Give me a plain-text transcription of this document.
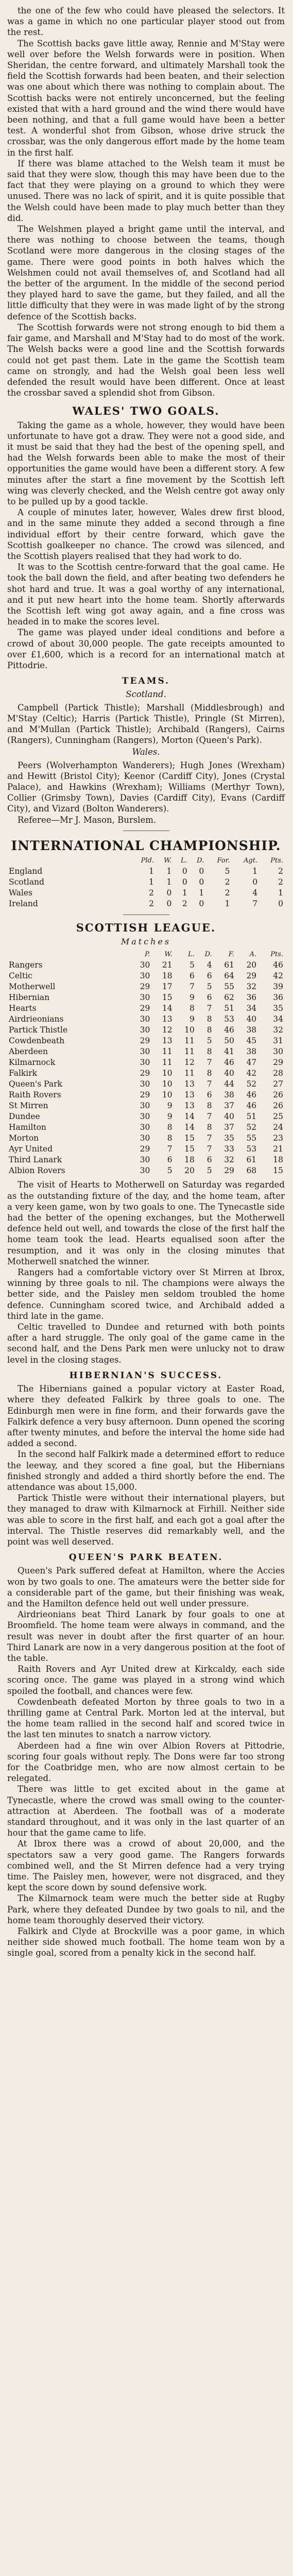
the one of the few who could have pleased the selectors. It was a game in which no one particular player stood out from the rest.

The Scottish backs gave little away, Rennie and M'Stay were well over before the Welsh forwards were in position. When Sheridan, the centre forward, and ultimately Marshall took the field the Scottish forwards had been beaten, and their selection was one about which there was nothing to complain about. The Scottish backs were not entirely unconcerned, but the feeling existed that with a hard ground and the wind there would have been nothing, and that a full game would have been a better test. A wonderful shot from Gibson, whose drive struck the crossbar, was the only dangerous effort made by the home team in the first half.

If there was blame attached to the Welsh team it must be said that they were slow, though this may have been due to the fact that they were playing on a ground to which they were unused. There was no lack of spirit, and it is quite possible that the Welsh could have been made to play much better than they did.

The Welshmen played a bright game until the interval, and there was nothing to choose between the teams, though Scotland were more dangerous in the closing stages of the game. There were good points in both halves which the Welshmen could not avail themselves of, and Scotland had all the better of the argument. In the middle of the second period they played hard to save the game, but they failed, and all the little difficulty that they were in was made light of by the strong defence of the Scottish backs.

The Scottish forwards were not strong enough to bid them a fair game, and Marshall and M'Stay had to do most of the work. The Welsh backs were a good line and the Scottish forwards could not get past them. Late in the game the Scottish team came on strongly, and had the Welsh goal been less well defended the result would have been different. Once at least the crossbar saved a splendid shot from Gibson.

WALES' TWO GOALS.

Taking the game as a whole, however, they would have been unfortunate to have got a draw. They were not a good side, and it must be said that they had the best of the opening spell, and had the Welsh forwards been able to make the most of their opportunities the game would have been a different story. A few minutes after the start a fine movement by the Scottish left wing was cleverly checked, and the Welsh centre got away only to be pulled up by a good tackle.

A couple of minutes later, however, Wales drew first blood, and in the same minute they added a second through a fine individual effort by their centre forward, which gave the Scottish goalkeeper no chance. The crowd was silenced, and the Scottish players realised that they had work to do.

It was to the Scottish centre-forward that the goal came. He took the ball down the field, and after beating two defenders he shot hard and true. It was a goal worthy of any international, and it put new heart into the home team. Shortly afterwards the Scottish left wing got away again, and a fine cross was headed in to make the scores level.

The game was played under ideal conditions and before a crowd of about 30,000 people. The gate receipts amounted to over £1,600, which is a record for an international match at Pittodrie.

TEAMS.
Scotland.

Campbell (Partick Thistle); Marshall (Middlesbrough) and M'Stay (Celtic); Harris (Partick Thistle), Pringle (St Mirren), and M'Mullan (Partick Thistle); Archibald (Rangers), Cairns (Rangers), Cunningham (Rangers), Morton (Queen's Park).

Wales.

Peers (Wolverhampton Wanderers); Hugh Jones (Wrexham) and Hewitt (Bristol City); Keenor (Cardiff City), Jones (Crystal Palace), and Hawkins (Wrexham); Williams (Merthyr Town), Collier (Grimsby Town), Davies (Cardiff City), Evans (Cardiff City), and Vizard (Bolton Wanderers).

Referee—Mr J. Mason, Burslem.

INTERNATIONAL CHAMPIONSHIP.
	Pld.	W.	L.	D.	For.	Agt.	Pts.
England	1	1	0	0	5	1	2
Scotland	1	1	0	0	2	0	2
Wales	2	0	1	1	2	4	1
Ireland	2	0	2	0	1	7	0
SCOTTISH LEAGUE.
Matches
	P.	W.	L.	D.	F.	A.	Pts.
Rangers	30	21	5	4	61	20	46
Celtic	30	18	6	6	64	29	42
Motherwell	29	17	7	5	55	32	39
Hibernian	30	15	9	6	62	36	36
Hearts	29	14	8	7	51	34	35
Airdrieonians	30	13	9	8	53	40	34
Partick Thistle	30	12	10	8	46	38	32
Cowdenbeath	29	13	11	5	50	45	31
Aberdeen	30	11	11	8	41	38	30
Kilmarnock	30	11	12	7	46	47	29
Falkirk	29	10	11	8	40	42	28
Queen's Park	30	10	13	7	44	52	27
Raith Rovers	29	10	13	6	38	46	26
St Mirren	30	9	13	8	37	46	26
Dundee	30	9	14	7	40	51	25
Hamilton	30	8	14	8	37	52	24
Morton	30	8	15	7	35	55	23
Ayr United	29	7	15	7	33	53	21
Third Lanark	30	6	18	6	32	61	18
Albion Rovers	30	5	20	5	29	68	15

The visit of Hearts to Motherwell on Saturday was regarded as the outstanding fixture of the day, and the home team, after a very keen game, won by two goals to one. The Tynecastle side had the better of the opening exchanges, but the Motherwell defence held out well, and towards the close of the first half the home team took the lead. Hearts equalised soon after the resumption, and it was only in the closing minutes that Motherwell snatched the winner.

Rangers had a comfortable victory over St Mirren at Ibrox, winning by three goals to nil. The champions were always the better side, and the Paisley men seldom troubled the home defence. Cunningham scored twice, and Archibald added a third late in the game.

Celtic travelled to Dundee and returned with both points after a hard struggle. The only goal of the game came in the second half, and the Dens Park men were unlucky not to draw level in the closing stages.

HIBERNIAN'S SUCCESS.

The Hibernians gained a popular victory at Easter Road, where they defeated Falkirk by three goals to one. The Edinburgh men were in fine form, and their forwards gave the Falkirk defence a very busy afternoon. Dunn opened the scoring after twenty minutes, and before the interval the home side had added a second.

In the second half Falkirk made a determined effort to reduce the leeway, and they scored a fine goal, but the Hibernians finished strongly and added a third shortly before the end. The attendance was about 15,000.

Partick Thistle were without their international players, but they managed to draw with Kilmarnock at Firhill. Neither side was able to score in the first half, and each got a goal after the interval. The Thistle reserves did remarkably well, and the point was well deserved.

QUEEN'S PARK BEATEN.

Queen's Park suffered defeat at Hamilton, where the Accies won by two goals to one. The amateurs were the better side for a considerable part of the game, but their finishing was weak, and the Hamilton defence held out well under pressure.

Airdrieonians beat Third Lanark by four goals to one at Broomfield. The home team were always in command, and the result was never in doubt after the first quarter of an hour. Third Lanark are now in a very dangerous position at the foot of the table.

Raith Rovers and Ayr United drew at Kirkcaldy, each side scoring once. The game was played in a strong wind which spoiled the football, and chances were few.

Cowdenbeath defeated Morton by three goals to two in a thrilling game at Central Park. Morton led at the interval, but the home team rallied in the second half and scored twice in the last ten minutes to snatch a narrow victory.

Aberdeen had a fine win over Albion Rovers at Pittodrie, scoring four goals without reply. The Dons were far too strong for the Coatbridge men, who are now almost certain to be relegated.

There was little to get excited about in the game at Tynecastle, where the crowd was small owing to the counter-attraction at Aberdeen. The football was of a moderate standard throughout, and it was only in the last quarter of an hour that the game came to life.

At Ibrox there was a crowd of about 20,000, and the spectators saw a very good game. The Rangers forwards combined well, and the St Mirren defence had a very trying time. The Paisley men, however, were not disgraced, and they kept the score down by sound defensive work.

The Kilmarnock team were much the better side at Rugby Park, where they defeated Dundee by two goals to nil, and the home team thoroughly deserved their victory.

Falkirk and Clyde at Brockville was a poor game, in which neither side showed much football. The home team won by a single goal, scored from a penalty kick in the second half.
